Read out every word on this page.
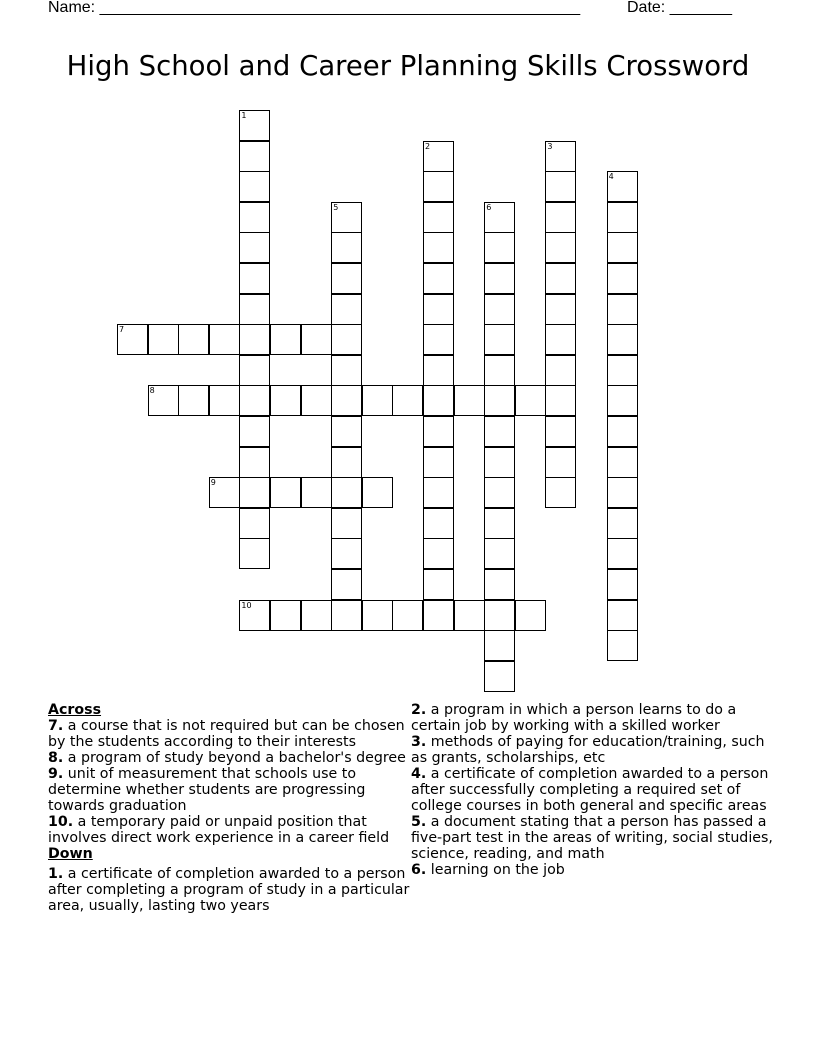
Name: ______________________________________________________	Date: _______
High School and Career Planning Skills Crossword
1
2	3
4
5	6
7
8
9
10
Across
7. a course that is not required but can be chosen by the students according to their interests
8. a program of study beyond a bachelor's degree
9. unit of measurement that schools use to determine whether students are progressing towards graduation
10. a temporary paid or unpaid position that involves direct work experience in a career field
Down
1. a certificate of completion awarded to a person after completing a program of study in a particular area, usually, lasting two years
2. a program in which a person learns to do a certain job by working with a skilled worker
3. methods of paying for education/training, such as grants, scholarships, etc
4. a certificate of completion awarded to a person after successfully completing a required set of college courses in both general and specific areas
5. a document stating that a person has passed a five-part test in the areas of writing, social studies, science, reading, and math
6. learning on the job
